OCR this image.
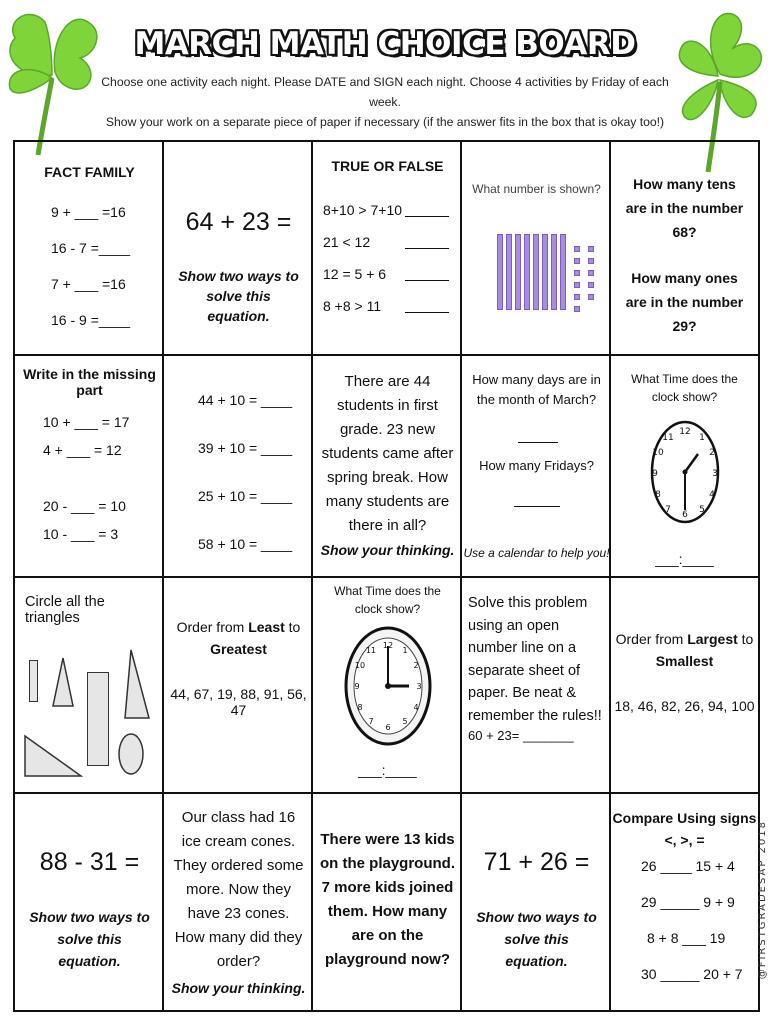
MARCH MATH CHOICE BOARD
Choose one activity each night. Please DATE and SIGN each night. Choose 4 activities by Friday of each week.
Show your work on a separate piece of paper if necessary (if the answer fits in the box that is okay too!)
FACT FAMILY
9 + ___ =16
16 - 7 =____
7 + ___ =16
16 - 9 =____
64 + 23 =
Show two ways to solve this equation.
TRUE OR FALSE
8+10 > 7+10
21 < 12
12 = 5 + 6
8 +8 > 11
What number is shown?	How many tens are in the number 68?
How many ones are in the number 29?
Write in the missing part
10 + ___ = 17
4 + ___ = 12
20 - ___ = 10
10 - ___ = 3
44 + 10 = ____
39 + 10 = ____
25 + 10 = ____
58 + 10 = ____
There are 44 students in first grade. 23 new students came after spring break. How many students are there in all?
Show your thinking.
How many days are in the month of March?
How many Fridays?
Use a calendar to help you!
What Time does the clock show?
12
1
2
3
4
5
6
7
8
9
10
11
___:____
Circle all the triangles
Order from Least to
Greatest
44, 67, 19, 88, 91, 56, 47
What Time does the clock show?
12
1
2
3
4
5
6
7
8
9
10
11
___:____
Solve this problem using an open number line on a separate sheet of paper. Be neat & remember the rules!!
60 + 23= _______
Order from Largest to
Smallest
18, 46, 82, 26, 94, 100
88 - 31 =
Show two ways to solve this equation.
Our class had 16 ice cream cones. They ordered some more. Now they have 23 cones. How many did they order?
Show your thinking.
There were 13 kids on the playground. 7 more kids joined them. How many are on the playground now?
71 + 26 =
Show two ways to solve this equation.
Compare Using signs
<, >, =
26 ____ 15 + 4
29 _____ 9 + 9
8 + 8 ___ 19
30 _____ 20 + 7 @FIRSTGRADESAP 2018
